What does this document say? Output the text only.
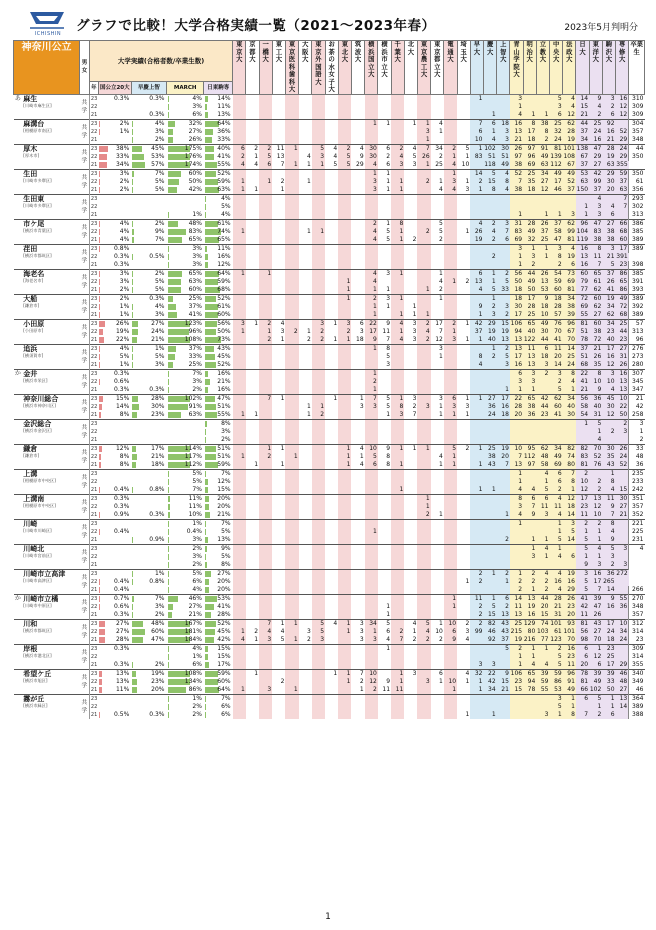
ICHISHIN	グラフで比較！大学合格実績一覧（2021～2023年春）	2023年5月判明分
神奈川公立		男女	大学実績(合格者数/卒業生数)					東京大	京都大	一橋大	東工大	東京医科歯科大	大阪大	東京外国語大	お茶の水女子大	東北大	筑波大	横浜国立大	横浜市立大	千葉大	北大	東京農工大	東京都立大	電通大	埼玉大	早大	慶大	上智大	青山学院大	明治大	立教大	中央大	法政大	日大	東洋大	駒沢大	専修大	卒業生
			年	国公立20大	早慶上智	MARCH	日東駒専																															
あ	麻生
[川崎市麻生区]	共学	23	0.3%	0.3%	4%	14%																			1			3			5	4	14	9	3	16	310
			22			3%	11%																						1			3	4	15	4	2	12	309
			21		0.3%	6%	13%																				1		4	1	1	6	12	21	2	6	12	309
	麻溝台
[相模原市南区]	共学	23	2%	4%	32%	64%											1	1		1	1	4			7	6	18	16	8	38	25	62	44	25	92		304
			22	1%	3%	27%	36%															3	1			6	1	3	13	17	8	32	28	37	24	16	52	357
			21		2%	26%	33%															1				10	4	3	21	18	2	24	19	34	16	21	29	348
	厚木
[厚木市]	共学	23	38%	45%	175%	40%	6	2	2	11	1		5	4	2	4	30	6	2	4	7	34	2	5	1	102	30	26	97	91	81	101	138	47	28	24	44
			22	33%	53%	176%	41%	2	1	5	13		4	3	4	5	9	30	2	4	5	26	2	1	1	83	51	51	97	96	49	139	108	67	29	19	29	350
			21	34%	57%	174%	55%	4	4	6	7	1	1	1	5	5	29	4	6	3	3	1	25	4	10		118	49	38	69	63	112	67	37	27	63	355	
	生田
[川崎市多摩区]	共学	23	3%	7%	60%	52%											1	1					1		14	5	4	52	25	34	49	49	53	42	29	59	350
			22	2%	5%	50%	59%	1		1	2		1					3	1	1		2	1	3	1	2	15	8	7	35	27	17	52	63	99	30	37	61
			21	2%	5%	42%	63%	1	1		1							3	1	1			4	4	3	1	8	4	38	18	12	46	37	150	37	20	63	356
	生田東
[川崎市多摩区]	共学	23				4%																												4		7	293
			22				5%																											1	3	4	7	302
			21			1%	4%																						1		1	1	3	1	3	6		313
	市ケ尾
[横浜市青葉区]	共学	23	4%	2%	48%	61%											2	1	8			5			4	2	3	31	28	26	37	62	96	47	27	66	386
			22	4%	9%	83%	74%	1					1	1				4	5	1		2	5		1	26	4	7	83	49	37	58	99	104	83	38	68	385
			21	4%	7%	65%	65%											4	5	1	2		2			19	2	6	69	32	25	47	81	119	38	38	60	389
	荏田
[横浜市都筑区]	共学	23	0.8%		3%	11%																						3	1	1	3	4	16	8	3	17	389
			22	0.3%	0.5%	3%	16%																				2		1	3	1	8	19	13	11	21	391	
			21	0.3%		3%	12%																						1	2		2	6	16	7	5	23	398
	海老名
[海老名市]	共学	23	3%	2%	65%	64%	1		1								4	3	1			1			6	1	2	56	44	26	54	73	60	65	37	86	385
			22	3%	5%	63%	59%									1		4					4	1	2	13	1	5	50	49	13	59	69	79	61	26	65	391
			21	2%	5%	60%	68%									1		1	1			1	2			4	5	33	18	50	53	60	81	77	62	41	86	393
	大船
[鎌倉市]	共学	23	2%	0.3%	25%	52%									1		2	3	1			1				1		18	17	9	18	34	72	60	19	49	389
			22	1%	4%	37%	61%											1	1		1					9	2	3	30	28	18	28	38	69	62	34	72	392
			21	1%	3%	41%	60%											1		1	1	1				1	3	2	17	25	10	57	39	55	27	62	68	389
	小田原
[小田原市]	共学	23	26%	27%	123%	56%	3	1	2	4			3	1	3	6	22	9	4	3	2	17	2	1	42	29	15	106	65	49	76	96	81	60	34	25	57
			22	19%	24%	96%	50%	1		1	3	2	1	2		2	3	17	11	1	3	4	7	1		37	19	19	94	40	30	70	67	51	38	23	44	313
			21	22%	21%	108%	73%			2	1		2	2	1	1	18	9	7	4	3	2	12	3	1	1	40	13	13	122	44	41	70	78	72	40	23	96
	追浜
[横須賀市]	共学	23	4%	1%	37%	43%											1	8				3				1	2	13	11	6	11	14	37	21	17	27	276
			22	5%	5%	33%	45%												5				1			8	2	5	17	13	18	20	25	51	26	16	31	273
			21	1%	3%	25%	52%												3							4		3	16	13	3	14	24	68	35	12	26	280
か	金井
[横浜市栄区]	共学	23	0.3%		7%	16%											1											6	3	2	3	8	22	8	3	16	307
			22	0.6%		3%	21%											2											3	3		2	4	41	10	10	13	345
			21	0.3%	0.3%	2%	16%											1										1	1	1		5	1	21	9	4	13	347
	神奈川総合
[横浜市神奈川区]	共学	23	15%	28%	102%	47%			7	1				1		1	7	5	1	3		3	6	1	1	27	17	22	65	42	62	34	56	36	45	10	21
			22	14%	30%	91%	51%						1	1			3	3	5	8	2	3	1	3	3		36	16	28	38	44	60	40	58	40	30	22	42
			21	8%	23%	63%	55%	1	1				1	2					1	3	7		1	1	1		24	18	20	36	23	41	30	54	31	12	50	258
	金沢総合
[横浜市金沢区]	共学	23				8%																											1	5		2	3
			22				3%																												1	2	3	1
			21				2%																												4			2
	鎌倉
[鎌倉市]	共学	23	12%	17%	114%	51%			1	1					1	4	10	9	1	1	1		5	2	1	25	19	10	95	62	34	82	82	70	30	26	33
			22	8%	21%	117%	51%	1		2		1				1	1	5	8				4	1			38	20	7	112	48	49	74	83	52	35	24	48
			21	8%	18%	112%	59%		1		1					1	4	6	8	1			1	1		1	43	7	13	97	58	69	80	81	76	43	52	36
	上溝
[相模原市中央区]	共学	23			5%	7%																						1		4	6	7	2		1		235
			22			5%	12%																						1		1	6	8	10	2	8		233
			21	0.4%	0.8%	7%	15%													1						1	1		4	4	5	2	1	12	2	4	15	242
	上溝南
[相模原市中央区]	共学	23	0.3%		11%	20%															1							8	6	6	4	12	17	13	11	30	351
			22	0.3%		11%	20%															1							3	7	11	11	18	23	12	9	27	357
			21	0.9%	0.3%	10%	21%															2	1					1	4	9	3	4	14	11	10	7	21	352
	川崎
[川崎市川崎区]	共学	23			1%	7%																						1			1	3	2	2	8		221
			22	0.4%		0.4%	5%											1														1	5	1	1	4		225
			21		0.9%	3%	13%																					2		1	1	5	14	5	1	9		231
	川崎北
[川崎市宮前区]	共学	23			2%	9%																							1	4	1		5	4	5	3	4
			22			3%	5%																							3	1	4	6	1	1	3		
			21			2%	8%																											9	3	2	3	
	川崎市立高津
[川崎市高津区]	共学	23		1%	5%	27%																			2	1	2	1	2	4	4	19	3	16	36	272	
			22	0.4%	0.8%	6%	20%																		1	2		1	2	2	2	16	16	5	17	265		
			21	0.4%		4%	20%																						2	1	2	4	29	5	7	14		266
か	川崎市立橘
[川崎市中原区]	共学	23	0.7%	7%	46%	53%																	1		11	1	6	14	13	44	28	26	41	39	9	55	270
			22	0.6%	3%	27%	41%												1					1		2	5	2	11	19	20	21	23	42	47	16	36	348
			21	0.3%	2%	21%	28%												1							2	15	13	13	16	15	31	20	11	26			357
	川和
[横浜市都筑区]	共学	23	27%	48%	167%	52%			7	1	1		5	4	1	3	34	5		4	5	1	10	2	2	82	43	25	129	74	101	93	81	43	17	10	312
			22	27%	60%	181%	45%	1	2	4	4		3	5		1	3	1	6	2	1	4	10	6	3	99	46	43	215	80	103	61	101	56	27	24	34	314
			21	28%	47%	184%	42%	4	1	3	5	1	2	3			3	3	4	7	2	2	2	9	4		92	37	19	216	77	123	70	98	70	18	24	23
	岸根
[横浜市港北区]	共学	23	0.3%		4%	15%												1									5	2	1	1	2	16	6	1	23		309
			22			1%	15%																						1	1		5	23	6	12	25		314
			21	0.3%	2%	6%	17%																			3	3		1	4	4	5	11	20	6	17	29	355
	希望ケ丘
[横浜市旭区]	共学	23	13%	19%	108%	59%		1						1	1	7	10		1	3		6		4	32	22	9	106	65	39	59	96	78	39	39	46	340
			22	13%	23%	134%	60%				2					1	2	12	9	1		3	1	10	1	1	42	15	23	94	59	86	91	81	49	33	48	349
			21	11%	20%	86%	64%	1		3		1					1	2	11	11				1		1	34	21	15	78	55	53	49	66	102	50	27	46
	霧が丘
[横浜市緑区]	共学	23			1%	7%																									3	1	6	5	1	13	364
			22			2%	6%																									5	1		1	1	14	389
			21	0.5%	0.3%	2%	6%																		1		1				3	1	8	7	2	6		388
1
